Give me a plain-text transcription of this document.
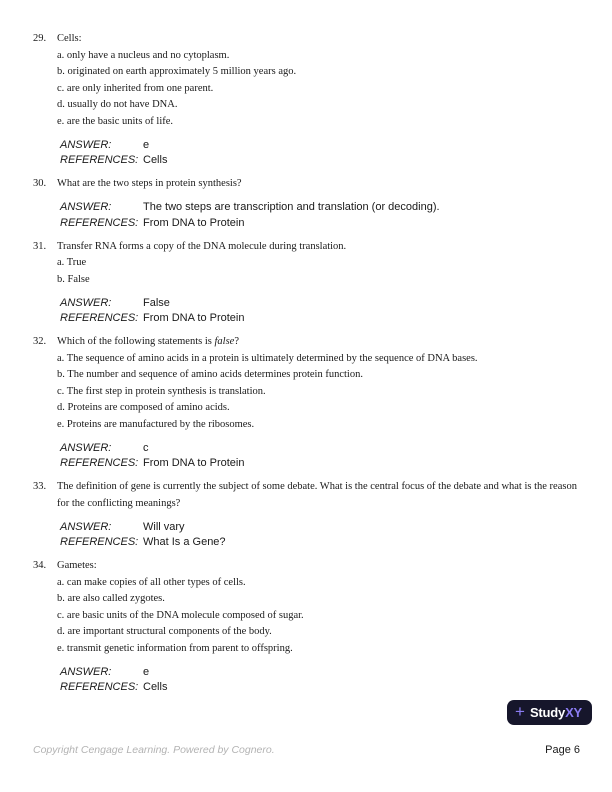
29.	Cells:
a. only have a nucleus and no cytoplasm.
b. originated on earth approximately 5 million years ago.
c. are only inherited from one parent.
d. usually do not have DNA.
e. are the basic units of life.
ANSWER:	e
REFERENCES: Cells
30.	What are the two steps in protein synthesis?
ANSWER:	The two steps are transcription and translation (or decoding).
REFERENCES: From DNA to Protein
31.	Transfer RNA forms a copy of the DNA molecule during translation.
a. True
b. False
ANSWER:	False
REFERENCES: From DNA to Protein
32.	Which of the following statements is false?
a. The sequence of amino acids in a protein is ultimately determined by the sequence of DNA bases.
b. The number and sequence of amino acids determines protein function.
c. The first step in protein synthesis is translation.
d. Proteins are composed of amino acids.
e. Proteins are manufactured by the ribosomes.
ANSWER:	c
REFERENCES: From DNA to Protein
33.	The definition of gene is currently the subject of some debate. What is the central focus of the debate and what is the reason for the conflicting meanings?
ANSWER:	Will vary
REFERENCES: What Is a Gene?
34.	Gametes:
a. can make copies of all other types of cells.
b. are also called zygotes.
c. are basic units of the DNA molecule composed of sugar.
d. are important structural components of the body.
e. transmit genetic information from parent to offspring.
ANSWER:	e
REFERENCES: Cells
+ Study XY
Copyright Cengage Learning. Powered by Cognero.	Page 6
